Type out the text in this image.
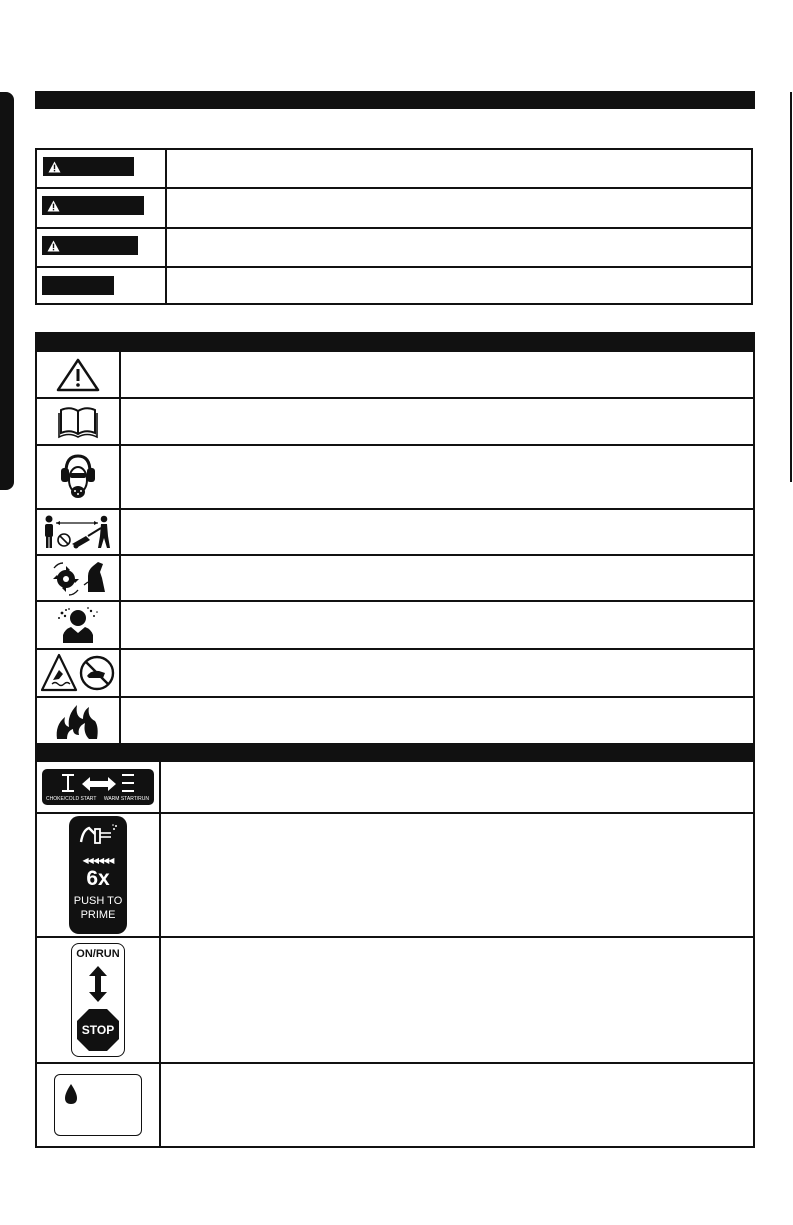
CHOKE/COLD START WARM START/RUN
◀◀◀◀◀◀
6x
PUSH TO
PRIME
ON/RUN
STOP
